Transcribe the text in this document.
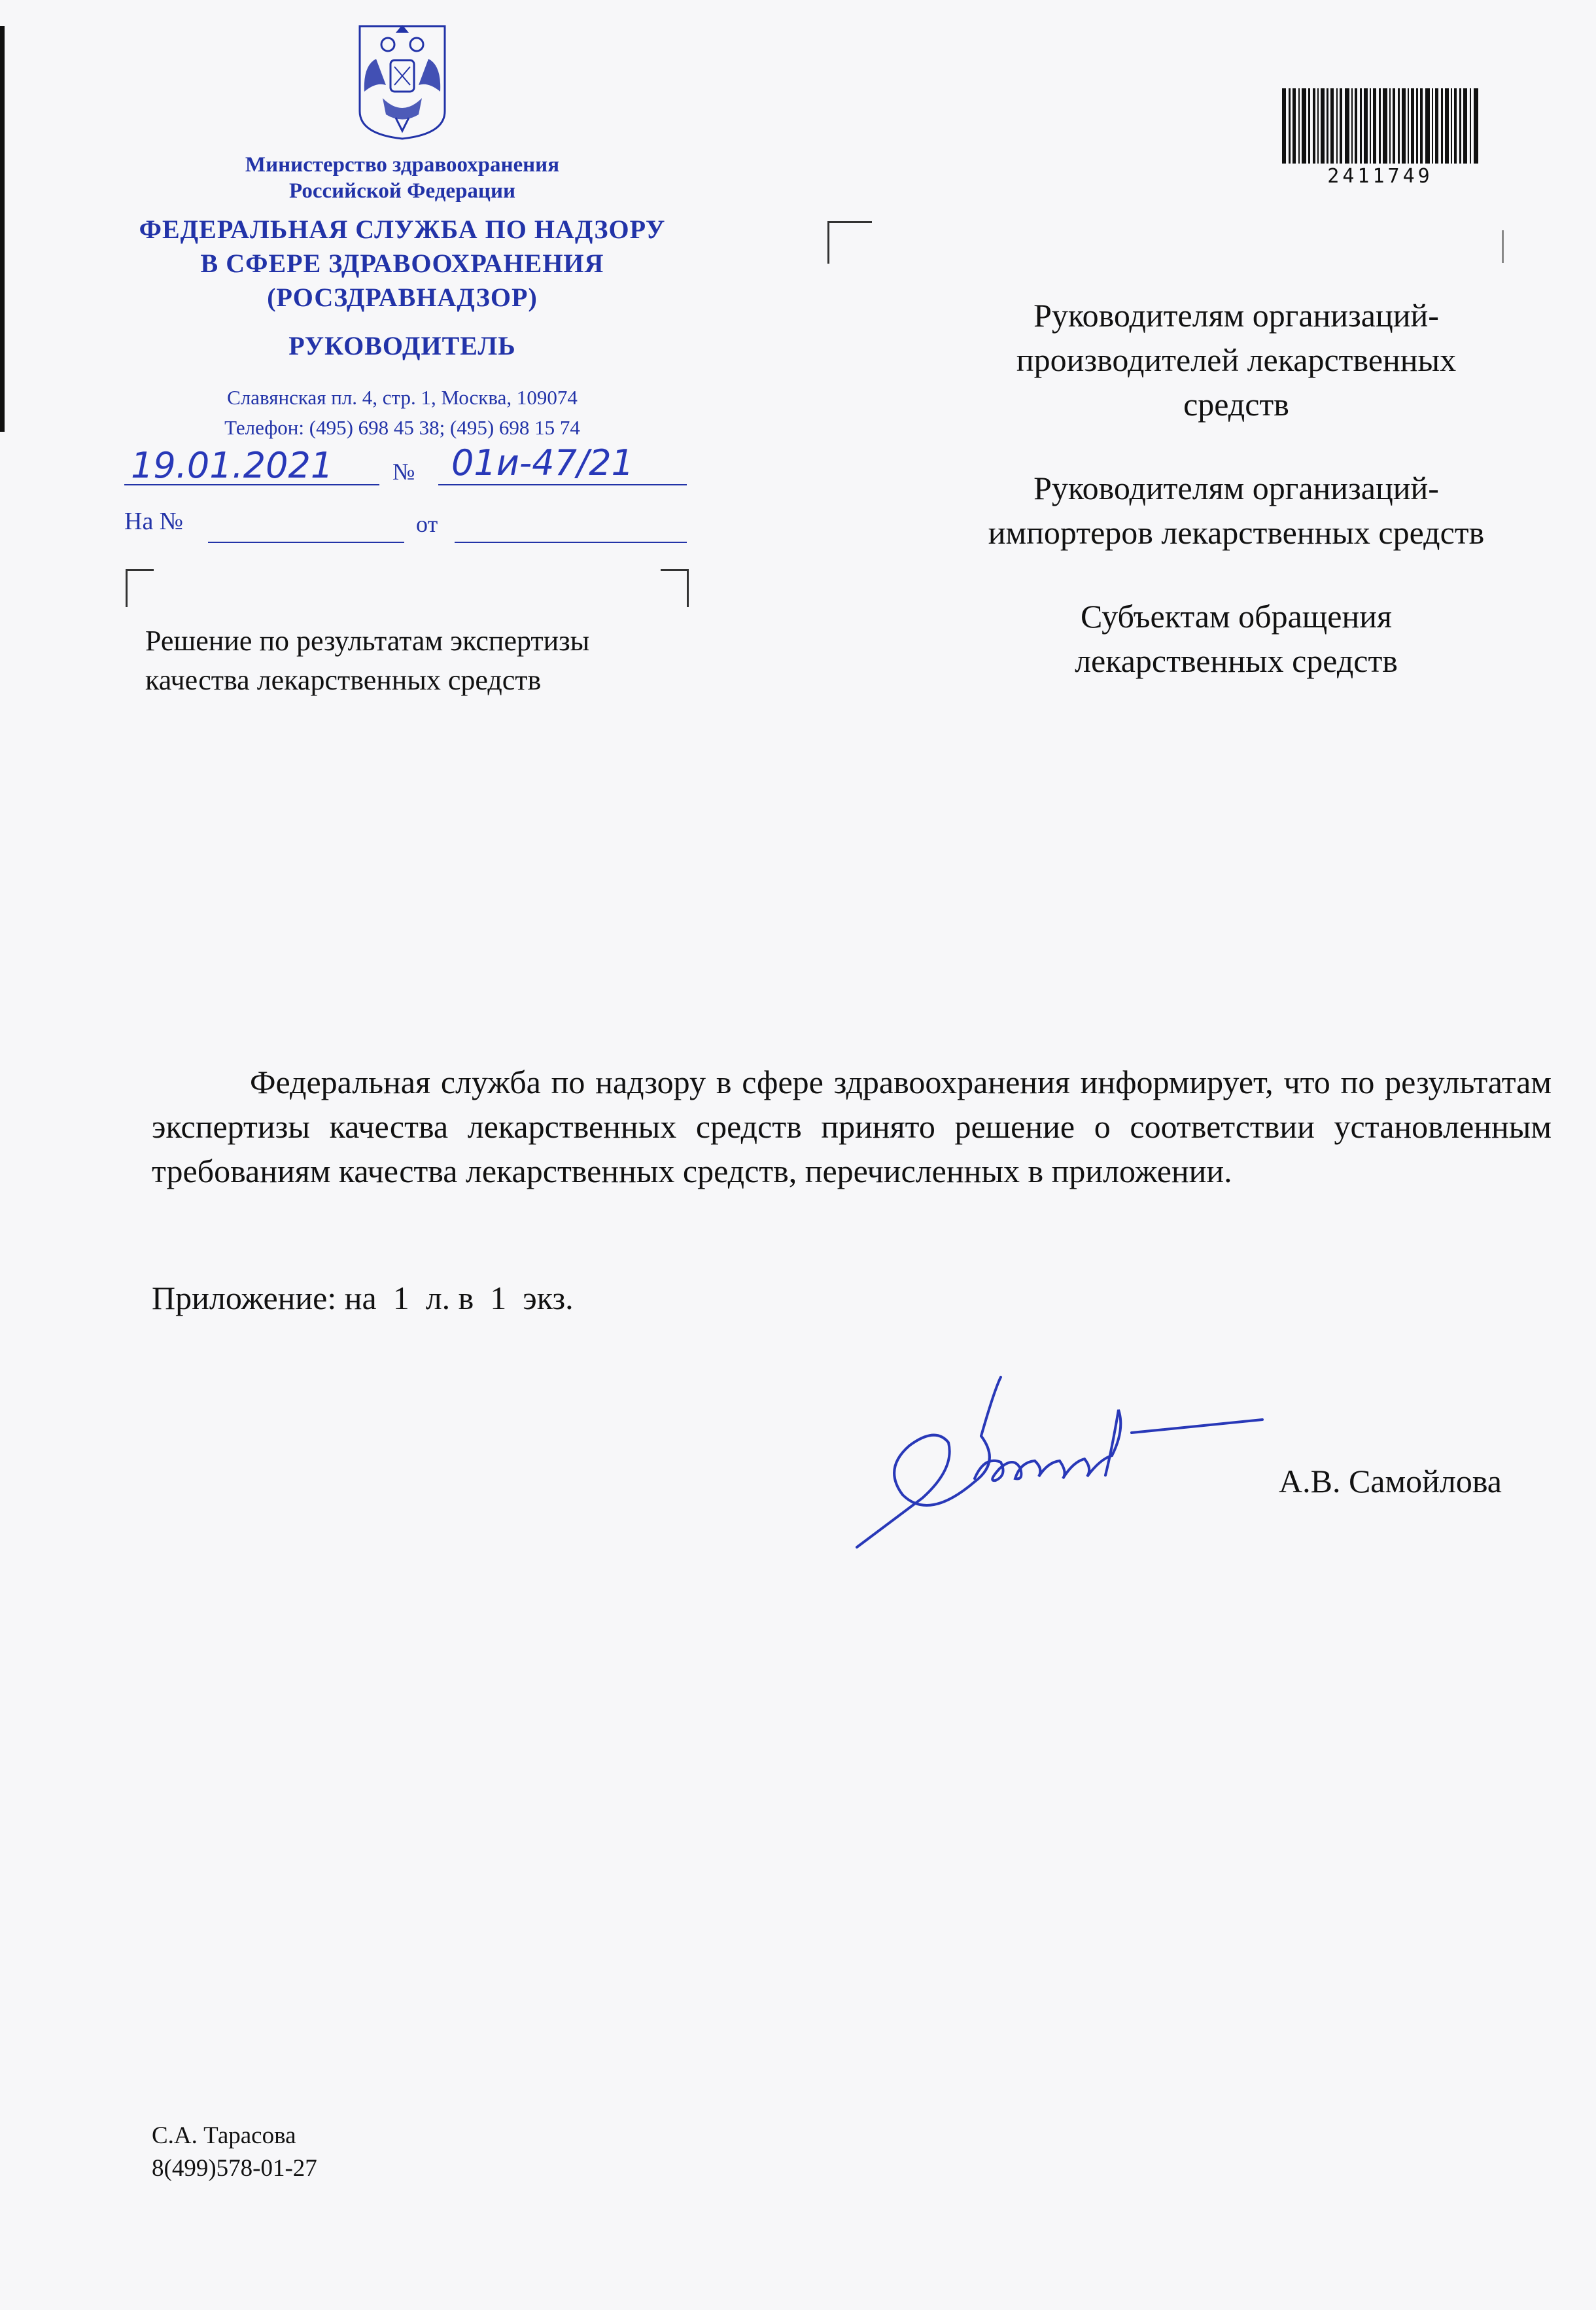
Министерство здравоохранения
Российской Федерации
ФЕДЕРАЛЬНАЯ СЛУЖБА ПО НАДЗОРУ
В СФЕРЕ ЗДРАВООХРАНЕНИЯ
(РОСЗДРАВНАДЗОР)
РУКОВОДИТЕЛЬ
Славянская пл. 4, стр. 1, Москва, 109074
Телефон: (495) 698 45 38; (495) 698 15 74
19.01.2021	№ 01и-47/21
На №	от
Решение по результатам экспертизы
качества лекарственных средств
2411749
Руководителям организаций-
производителей лекарственных
средств
Руководителям организаций-
импортеров лекарственных средств
Субъектам обращения
лекарственных средств

Федеральная служба по надзору в сфере здравоохранения информирует, что по результатам экспертизы качества лекарственных средств принято решение о соответствии установленным требованиям качества лекарственных средств, перечисленных в приложении.

Приложение: на  1  л. в  1  экз.
А.В. Самойлова
С.А. Тарасова
8(499)578-01-27
